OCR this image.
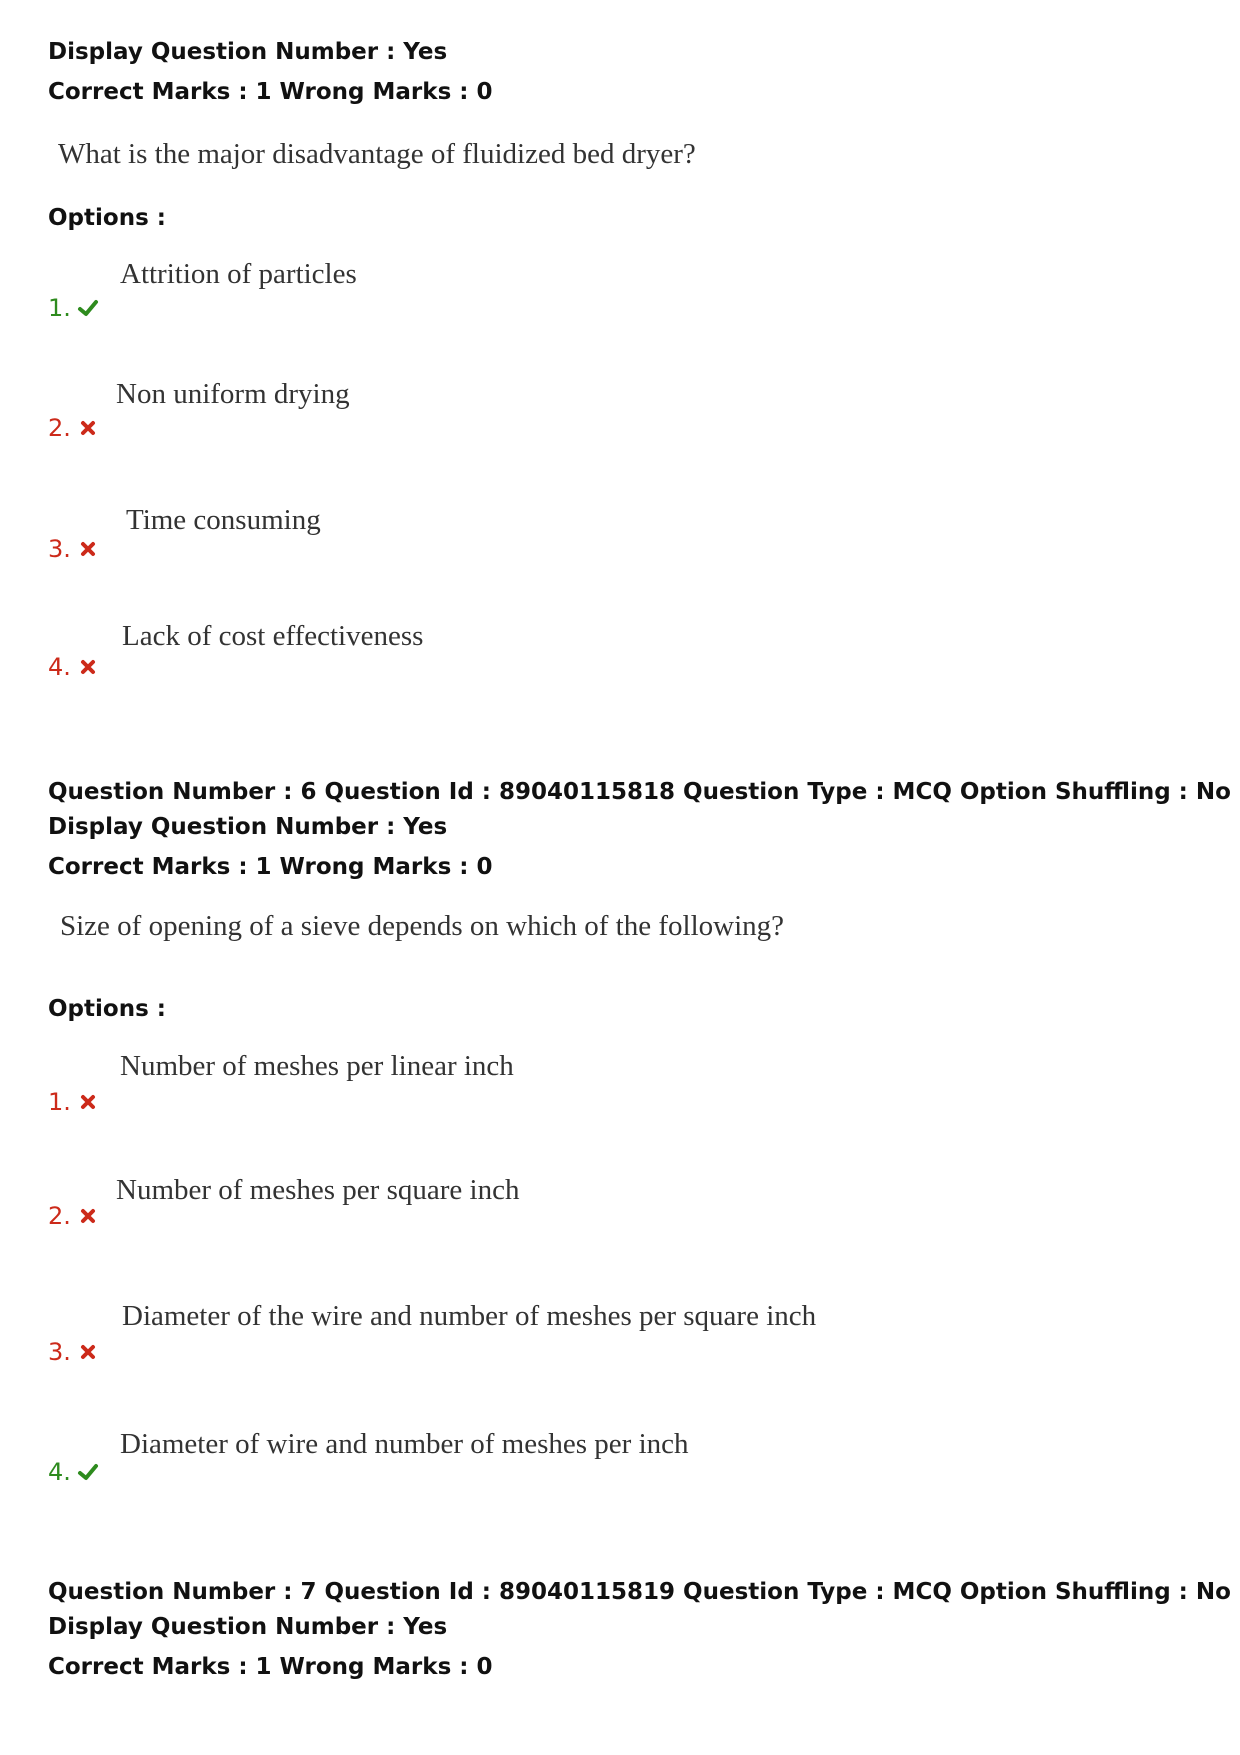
Display Question Number : Yes
Correct Marks : 1 Wrong Marks : 0
What is the major disadvantage of fluidized bed dryer?
Options :
1.
Attrition of particles
2.
Non uniform drying
3.
Time consuming
4.
Lack of cost effectiveness
Question Number : 6 Question Id : 89040115818 Question Type : MCQ Option Shuffling : No
Display Question Number : Yes
Correct Marks : 1 Wrong Marks : 0
Size of opening of a sieve depends on which of the following?
Options :
1.
Number of meshes per linear inch
2.
Number of meshes per square inch
3.
Diameter of the wire and number of meshes per square inch
4.
Diameter of wire and number of meshes per inch
Question Number : 7 Question Id : 89040115819 Question Type : MCQ Option Shuffling : No
Display Question Number : Yes
Correct Marks : 1 Wrong Marks : 0
